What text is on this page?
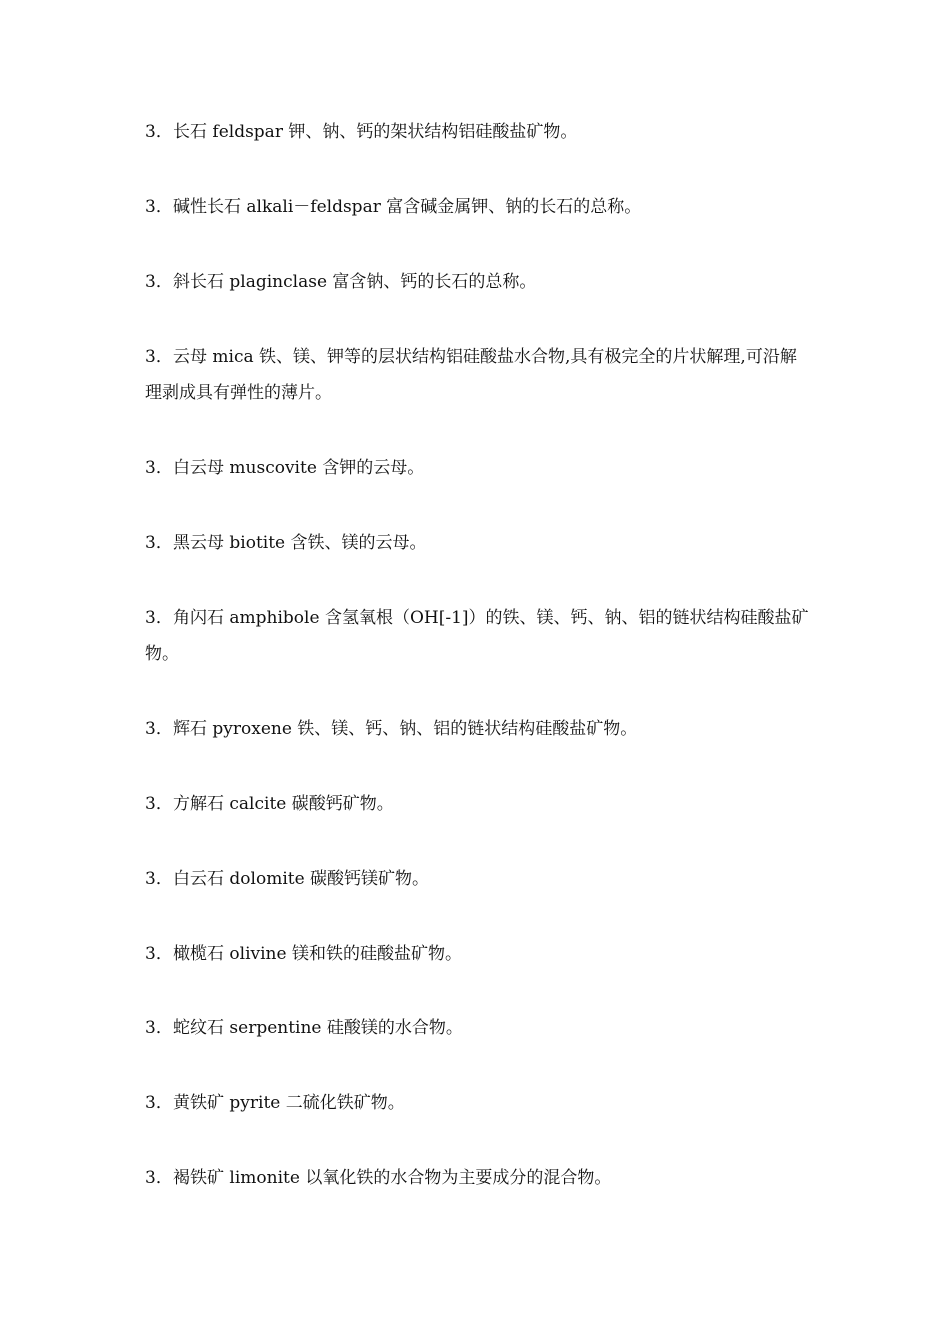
3．长石 feldspar 钾、钠、钙的架状结构铝硅酸盐矿物。
3．碱性长石 alkali－feldspar 富含碱金属钾、钠的长石的总称。
3．斜长石 plaginclase 富含钠、钙的长石的总称。
3．云母 mica 铁、镁、钾等的层状结构铝硅酸盐水合物,具有极完全的片状解理,可沿解理剥成具有弹性的薄片。
3．白云母 muscovite 含钾的云母。
3．黑云母 biotite 含铁、镁的云母。
3．角闪石 amphibole 含氢氧根（OH[-1]）的铁、镁、钙、钠、铝的链状结构硅酸盐矿物。
3．辉石 pyroxene 铁、镁、钙、钠、铝的链状结构硅酸盐矿物。
3．方解石 calcite 碳酸钙矿物。
3．白云石 dolomite 碳酸钙镁矿物。
3．橄榄石 olivine 镁和铁的硅酸盐矿物。
3．蛇纹石 serpentine 硅酸镁的水合物。
3．黄铁矿 pyrite 二硫化铁矿物。
3．褐铁矿 limonite 以氧化铁的水合物为主要成分的混合物。
